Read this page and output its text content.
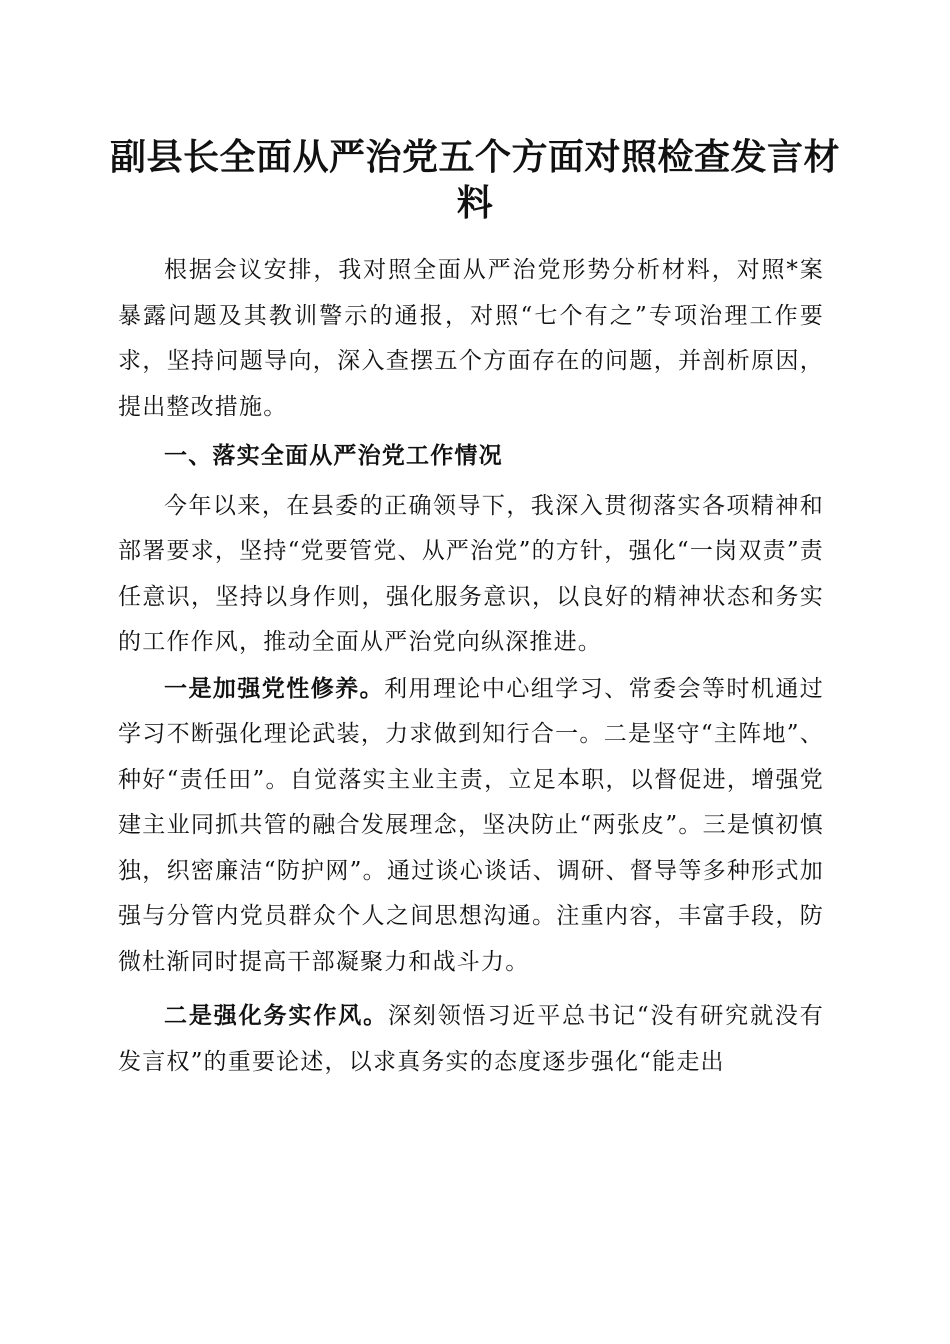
副县长全面从严治党五个方面对照检查发言材料

根据会议安排，我对照全面从严治党形势分析材料，对照*案暴露问题及其教训警示的通报，对照“七个有之”专项治理工作要求，坚持问题导向，深入查摆五个方面存在的问题，并剖析原因，提出整改措施。

一、落实全面从严治党工作情况

今年以来，在县委的正确领导下，我深入贯彻落实各项精神和部署要求，坚持“党要管党、从严治党”的方针，强化“一岗双责”责任意识，坚持以身作则，强化服务意识，以良好的精神状态和务实的工作作风，推动全面从严治党向纵深推进。

一是加强党性修养。利用理论中心组学习、常委会等时机通过学习不断强化理论武装，力求做到知行合一。二是坚守“主阵地”、种好“责任田”。自觉落实主业主责，立足本职，以督促进，增强党建主业同抓共管的融合发展理念，坚决防止“两张皮”。三是慎初慎独，织密廉洁“防护网”。通过谈心谈话、调研、督导等多种形式加强与分管内党员群众个人之间思想沟通。注重内容，丰富手段，防微杜渐同时提高干部凝聚力和战斗力。

二是强化务实作风。深刻领悟习近平总书记“没有研究就没有发言权”的重要论述，以求真务实的态度逐步强化“能走出
